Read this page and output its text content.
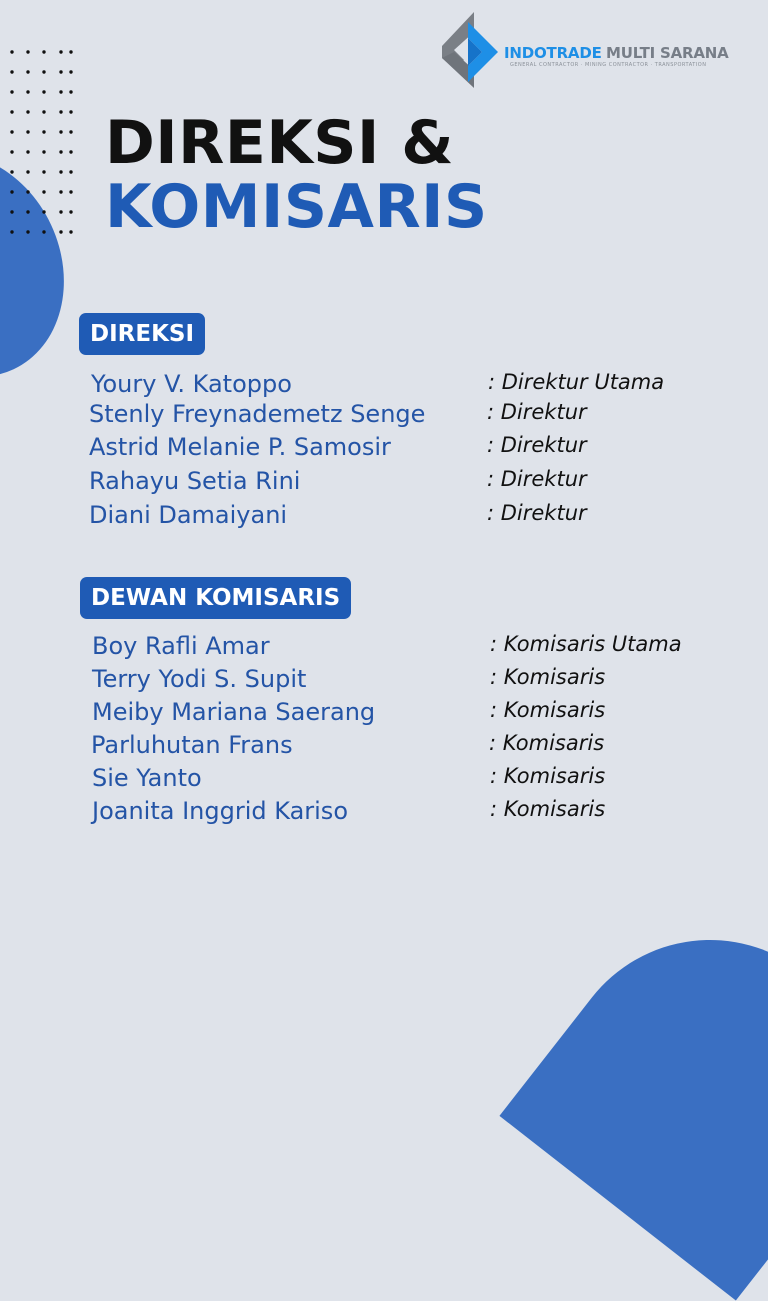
INDOTRADE MULTI SARANA
GENERAL CONTRACTOR · MINING CONTRACTOR · TRANSPORTATION
DIREKSI &
KOMISARIS
DIREKSI
Youry V. Katoppo	: Direktur Utama
Stenly Freynademetz Senge	: Direktur
Astrid Melanie P. Samosir	: Direktur
Rahayu Setia Rini	: Direktur
Diani Damaiyani	: Direktur
DEWAN KOMISARIS
Boy Rafli Amar	: Komisaris Utama
Terry Yodi S. Supit	: Komisaris
Meiby Mariana Saerang	: Komisaris
Parluhutan Frans	: Komisaris
Sie Yanto	: Komisaris
Joanita Inggrid Kariso	: Komisaris
